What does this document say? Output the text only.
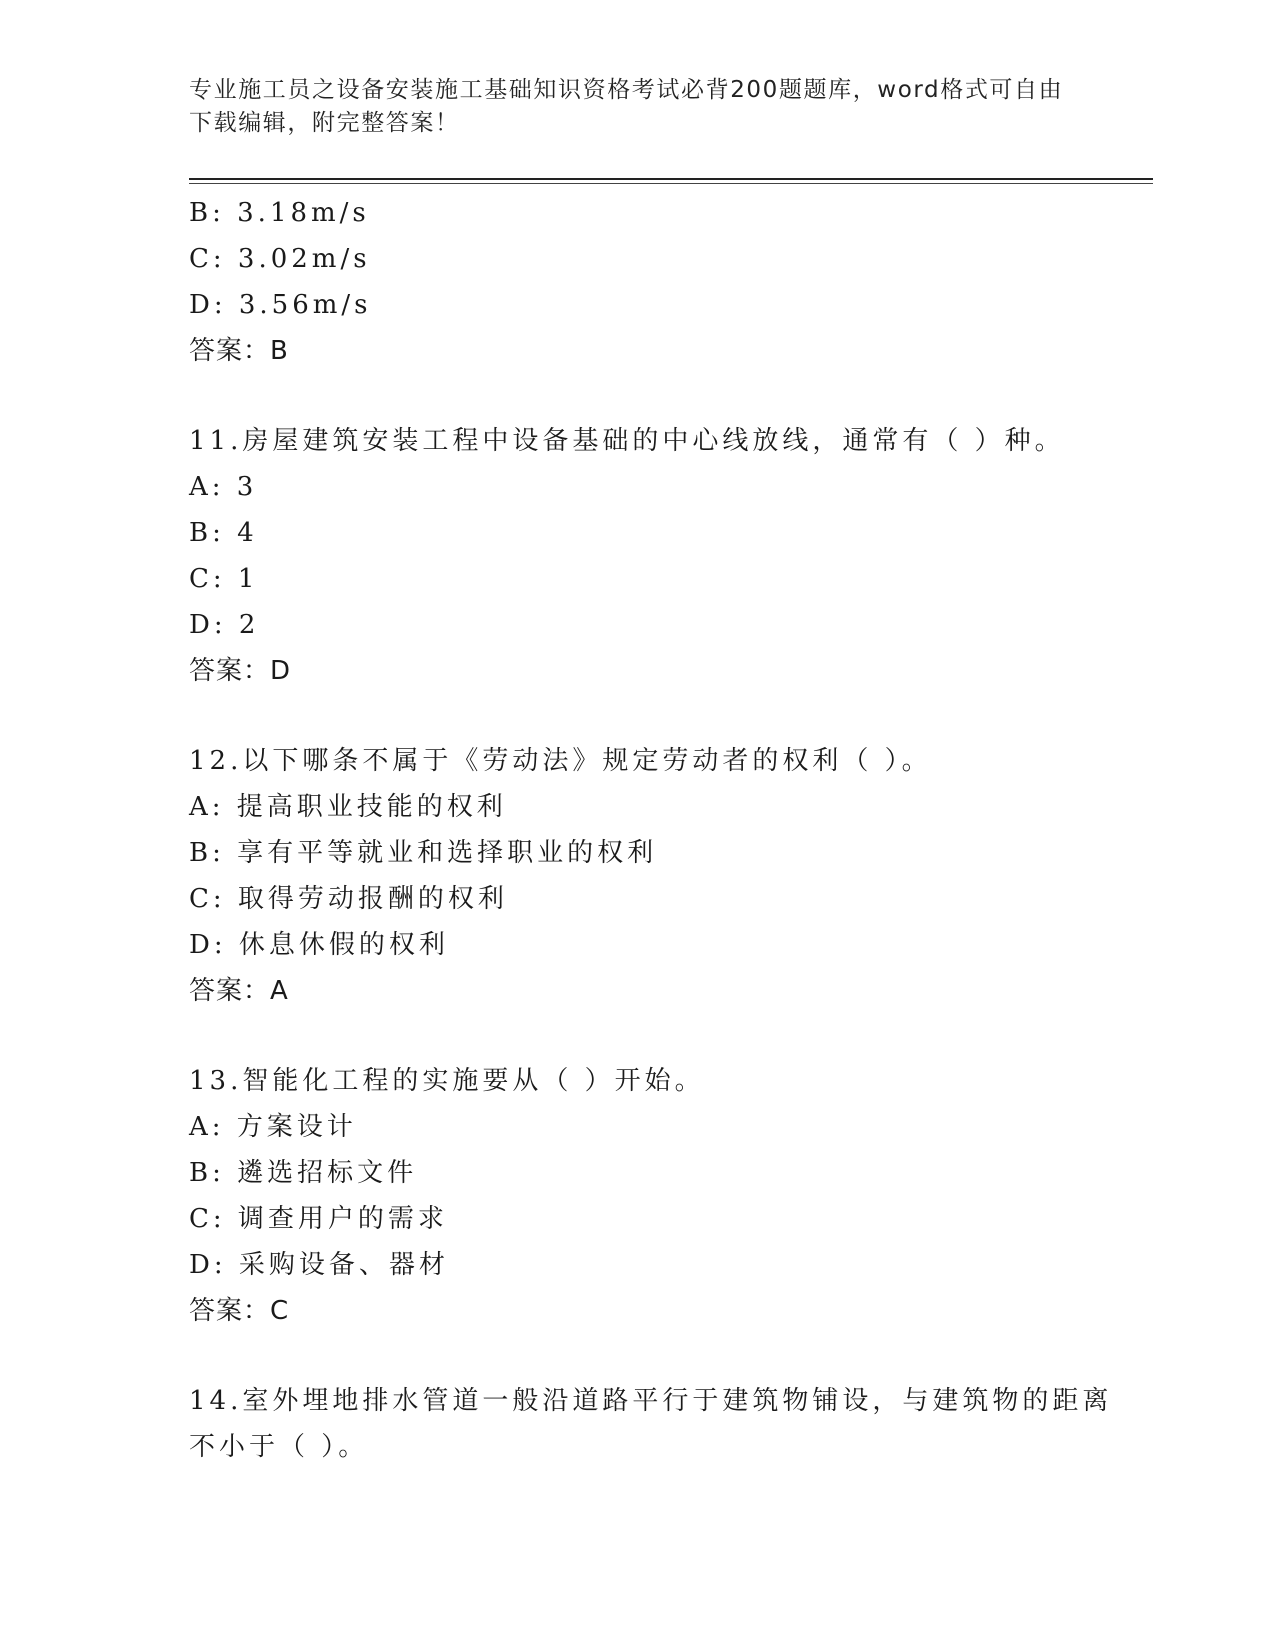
专业施工员之设备安装施工基础知识资格考试必背200题题库，word格式可自由
下载编辑，附完整答案！
B: 3.18m/s
C: 3.02m/s
D: 3.56m/s
答案：B
11.房屋建筑安装工程中设备基础的中心线放线，通常有（ ）种。
A: 3
B: 4
C: 1
D: 2
答案：D
12.以下哪条不属于《劳动法》规定劳动者的权利（ ）。
A: 提高职业技能的权利
B: 享有平等就业和选择职业的权利
C: 取得劳动报酬的权利
D: 休息休假的权利
答案：A
13.智能化工程的实施要从（ ）开始。
A: 方案设计
B: 遴选招标文件
C: 调查用户的需求
D: 采购设备、器材
答案：C
14.室外埋地排水管道一般沿道路平行于建筑物铺设，与建筑物的距离
不小于（ ）。
